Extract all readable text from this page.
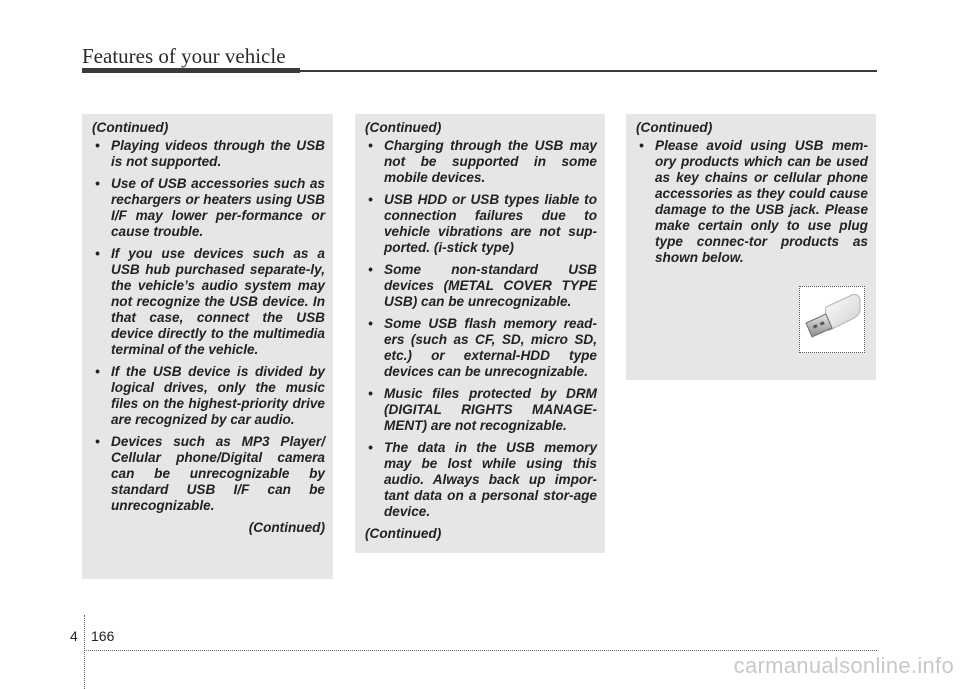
Features of your vehicle

(Continued)

• Playing videos through the USB is not supported.
• Use of USB accessories such as rechargers or heaters using USB I/F may lower per-formance or cause trouble.
• If you use devices such as a USB hub purchased separate-ly, the vehicle’s audio system may not recognize the USB device. In that case, connect the USB device directly to the multimedia terminal of the vehicle.
• If the USB device is divided by logical drives, only the music files on the highest-priority drive are recognized by car audio.
• Devices such as MP3 Player/ Cellular phone/Digital camera can be unrecognizable by standard USB I/F can be unrecognizable.

(Continued)

(Continued)

• Charging through the USB may not be supported in some mobile devices.
• USB HDD or USB types liable to connection failures due to vehicle vibrations are not sup-ported. (i-stick type)
• Some non-standard USB devices (METAL COVER TYPE USB) can be unrecognizable.
• Some USB flash memory read-ers (such as CF, SD, micro SD, etc.) or external-HDD type devices can be unrecognizable.
• Music files protected by DRM (DIGITAL RIGHTS MANAGE-MENT) are not recognizable.
• The data in the USB memory may be lost while using this audio. Always back up impor-tant data on a personal stor-age device.

(Continued)

(Continued)

• Please avoid using USB mem-ory products which can be used as key chains or cellular phone accessories as they could cause damage to the USB jack. Please make certain only to use plug type connec-tor products as shown below.
4 166
carmanualsonline.info
